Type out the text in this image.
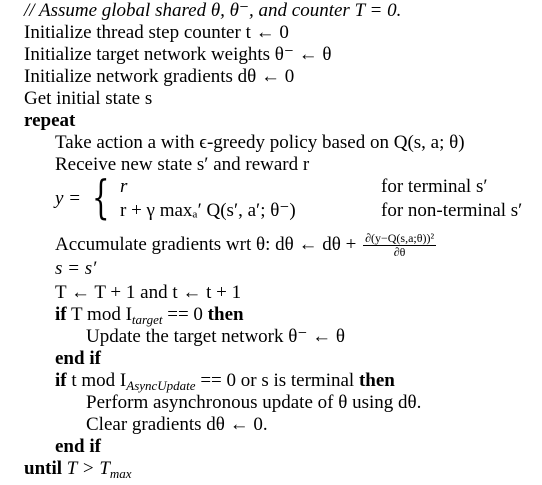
// Assume global shared θ, θ⁻, and counter T = 0.
Initialize thread step counter t ← 0
Initialize target network weights θ⁻ ← θ
Initialize network gradients dθ ← 0
Get initial state s
repeat
Take action a with ϵ-greedy policy based on Q(s, a; θ)
Receive new state s′ and reward r
y = { r	for terminal s′
r + γ maxₐ′ Q(s′, a′; θ⁻)	for non-terminal s′
Accumulate gradients wrt θ: dθ ← $d\theta + \frac{\text{∂(y−Q(s,a;θ))²}}{\partial\theta}$
s = s′
T ← T + 1 and t ← t + 1
if T mod $I_{target} == 0$ then
Update the target network θ⁻ ← θ
end if
if t mod $I_{AsyncUpdate} == 0$ or s is terminal then
Perform asynchronous update of θ using dθ.
Clear gradients dθ ← 0.
end if
until $T > T_{max}$
